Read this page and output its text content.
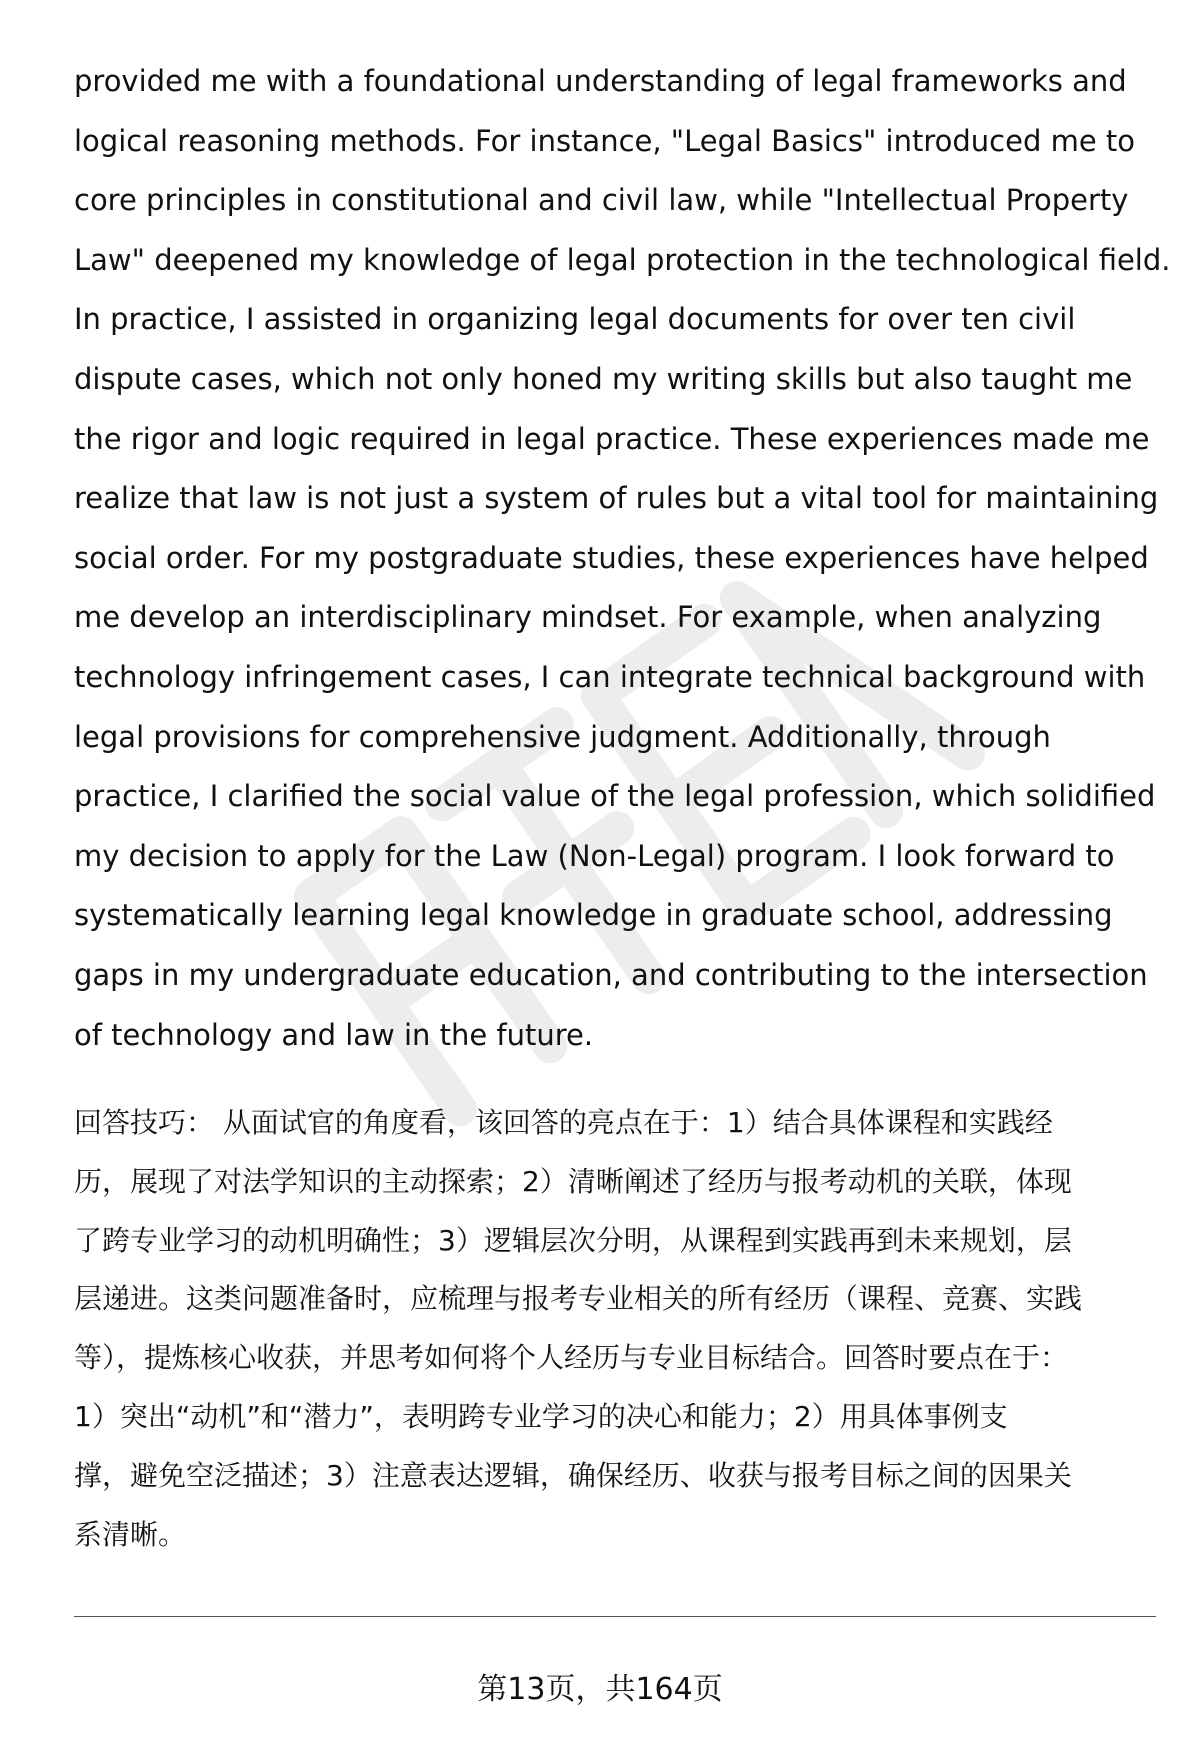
provided me with a foundational understanding of legal frameworks and
logical reasoning methods. For instance, "Legal Basics" introduced me to
core principles in constitutional and civil law, while "Intellectual Property
Law" deepened my knowledge of legal protection in the technological field.
In practice, I assisted in organizing legal documents for over ten civil
dispute cases, which not only honed my writing skills but also taught me
the rigor and logic required in legal practice. These experiences made me
realize that law is not just a system of rules but a vital tool for maintaining
social order. For my postgraduate studies, these experiences have helped
me develop an interdisciplinary mindset. For example, when analyzing
technology infringement cases, I can integrate technical background with
legal provisions for comprehensive judgment. Additionally, through
practice, I clarified the social value of the legal profession, which solidified
my decision to apply for the Law (Non-Legal) program. I look forward to
systematically learning legal knowledge in graduate school, addressing
gaps in my undergraduate education, and contributing to the intersection
of technology and law in the future.

回答技巧： 从面试官的角度看，该回答的亮点在于：1）结合具体课程和实践经
历，展现了对法学知识的主动探索；2）清晰阐述了经历与报考动机的关联，体现
了跨专业学习的动机明确性；3）逻辑层次分明，从课程到实践再到未来规划，层
层递进。这类问题准备时，应梳理与报考专业相关的所有经历（课程、竞赛、实践
等），提炼核心收获，并思考如何将个人经历与专业目标结合。回答时要点在于：
1）突出“动机”和“潜力”，表明跨专业学习的决心和能力；2）用具体事例支
撑，避免空泛描述；3）注意表达逻辑，确保经历、收获与报考目标之间的因果关
系清晰。

第13页，共164页
